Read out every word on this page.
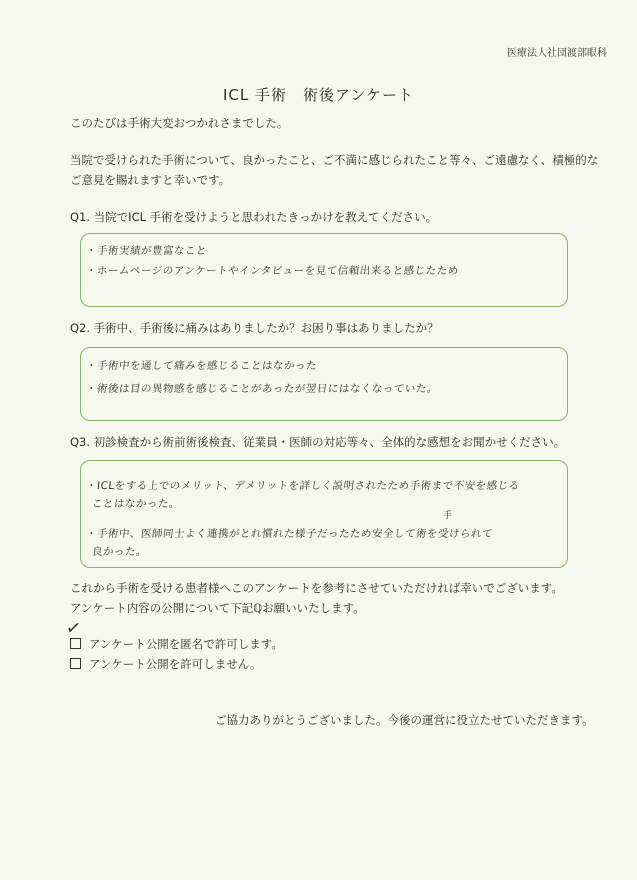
医療法人社団渡部眼科
ICL 手術　術後アンケート
このたびは手術大変おつかれさまでした。
当院で受けられた手術について、良かったこと、ご不満に感じられたこと等々、ご遠慮なく、積極的な
ご意見を賜れますと幸いです。
Q1. 当院でICL 手術を受けようと思われたきっかけを教えてください。
・手術実績が豊富なこと
・ホームページのアンケートやインタビューを見て信頼出来ると感じたため
Q2. 手術中、手術後に痛みはありましたか？お困り事はありましたか？
・手術中を通して痛みを感じることはなかった
・術後は目の異物感を感じることがあったが翌日にはなくなっていた。
Q3. 初診検査から術前術後検査、従業員・医師の対応等々、全体的な感想をお聞かせください。
・ICLをする上でのメリット、デメリットを詳しく説明されたため手術まで不安を感じる
ことはなかった。
手
・手術中、医師同士よく連携がとれ慣れた様子だったため安全して術を受けられて
良かった。
これから手術を受ける患者様へこのアンケートを参考にさせていただければ幸いでございます。
アンケート内容の公開について下記ℚお願いいたします。
✓
アンケート公開を匿名で許可します。
アンケート公開を許可しません。
ご協力ありがとうございました。今後の運営に役立たせていただきます。
